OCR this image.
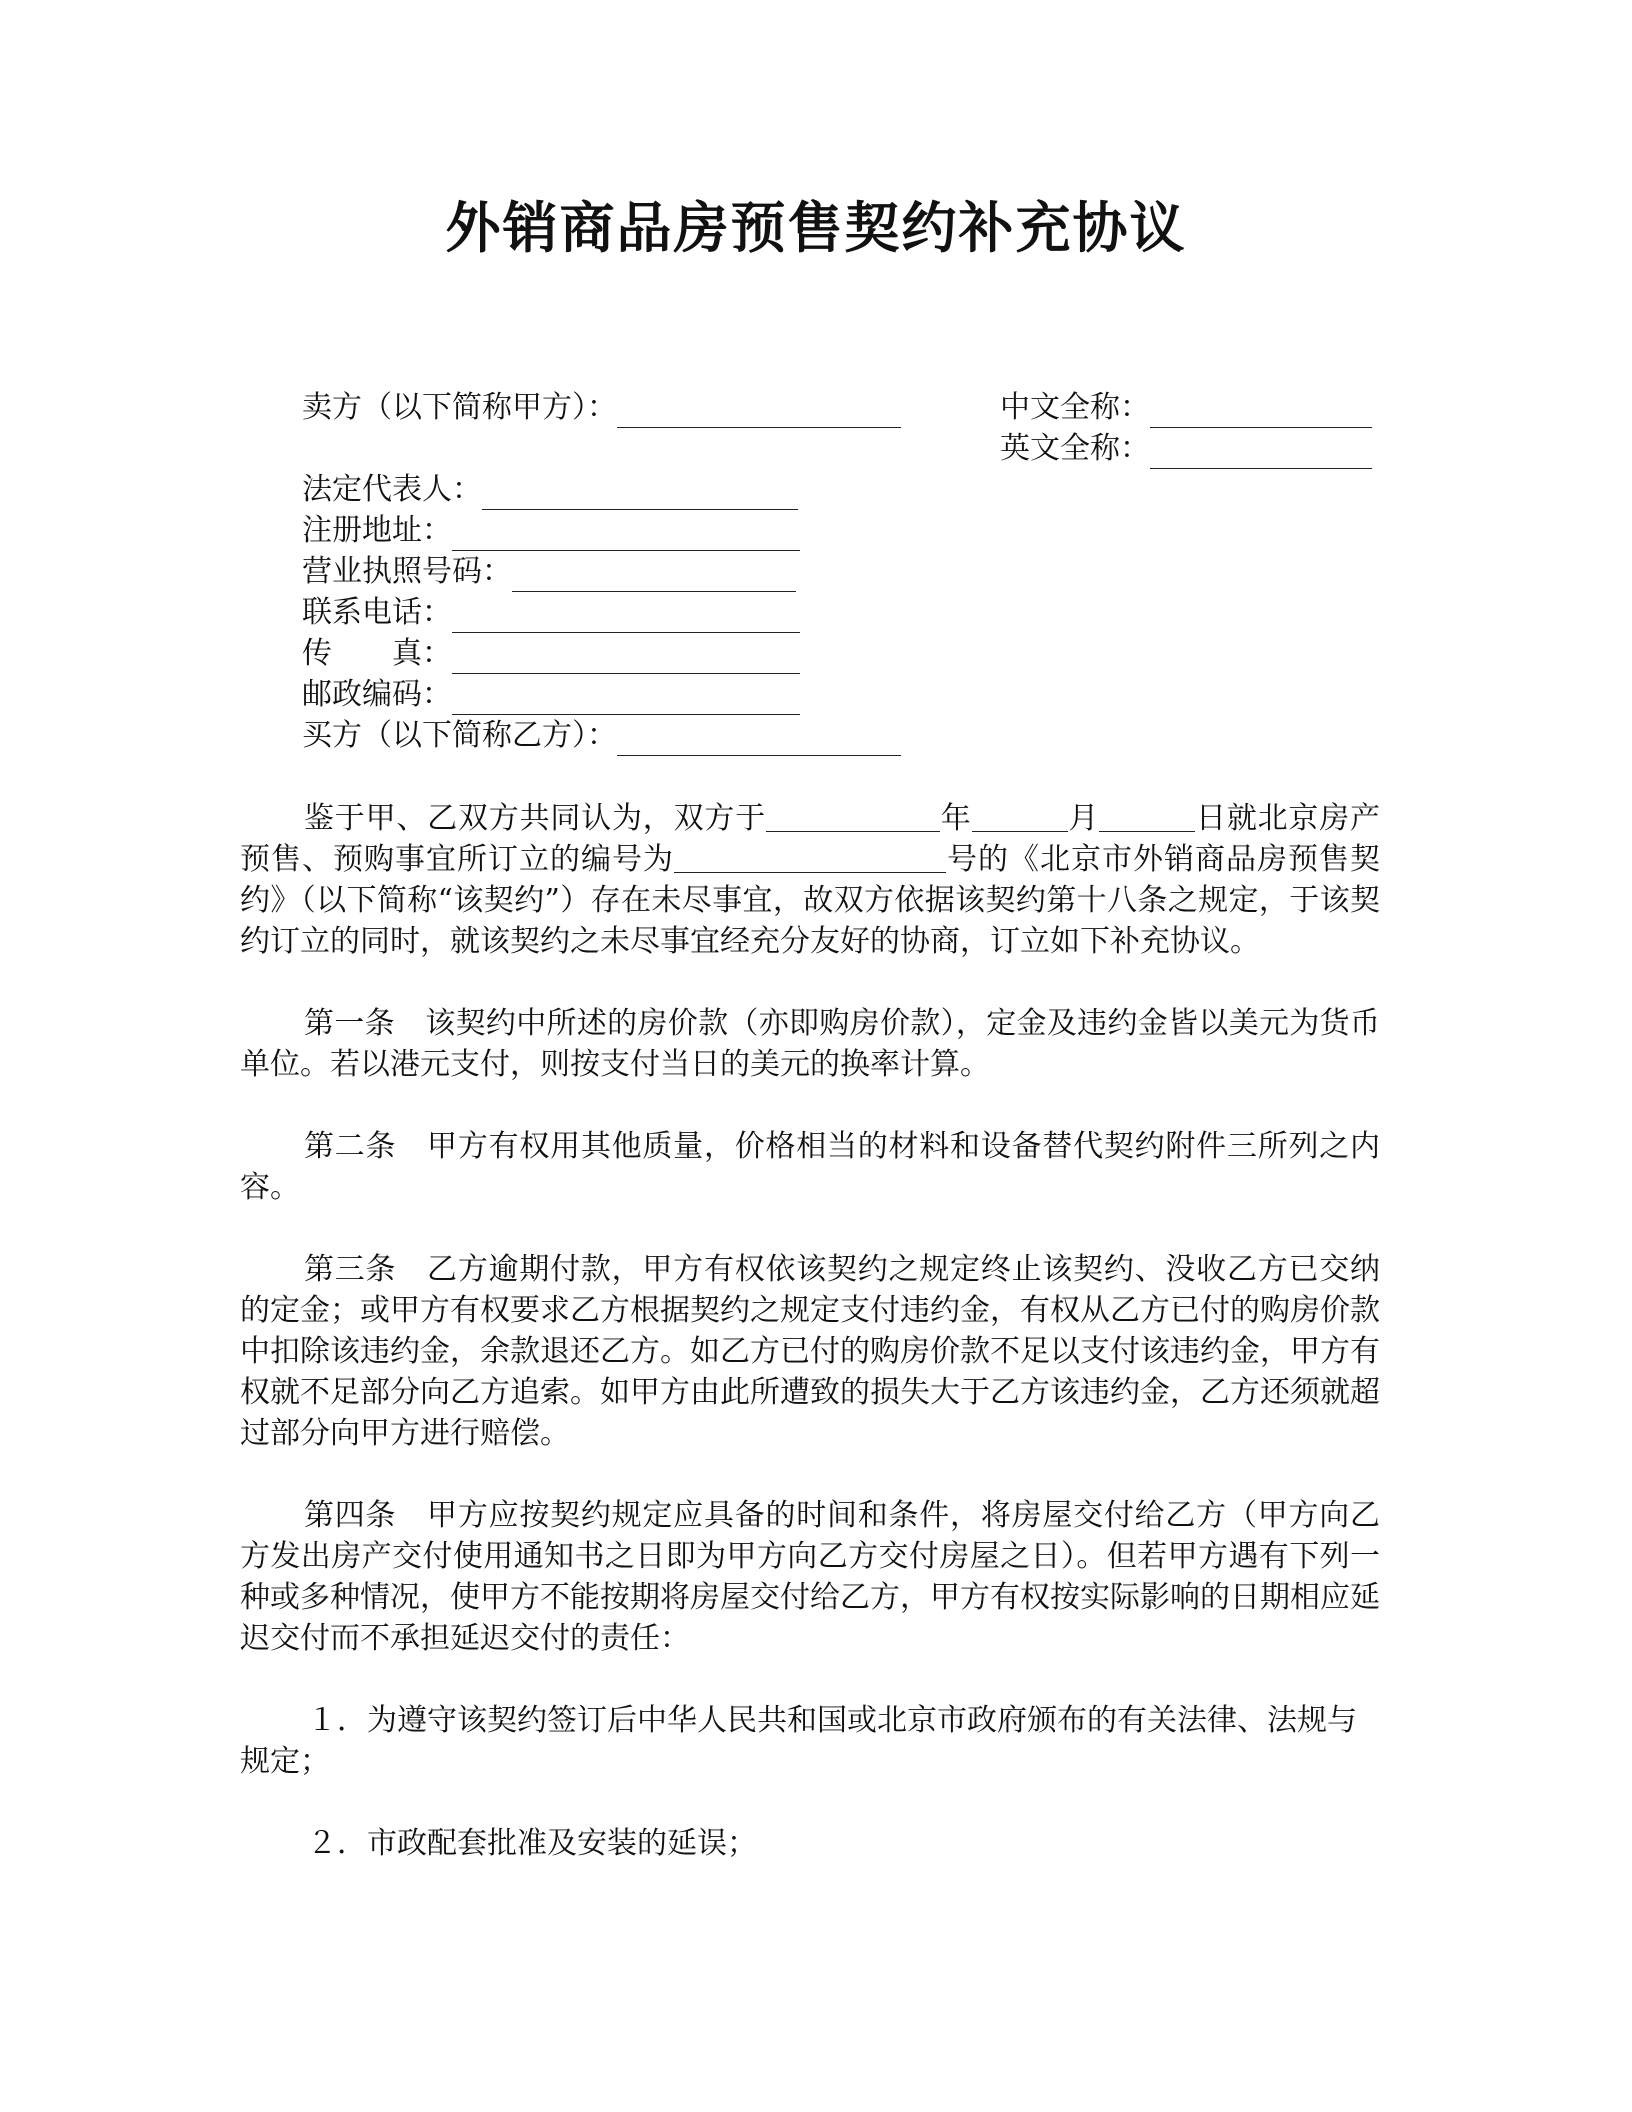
外销商品房预售契约补充协议
卖方（以下简称甲方）：	中文全称：
英文全称：
法定代表人：
注册地址：
营业执照号码：
联系电话：
传　　真：
邮政编码：
买方（以下简称乙方）：
鉴于甲、乙双方共同认为，双方于	年	月	日就北京房产预售、预购事宜所订立的编号为	号的《北京市外销商品房预售契约》（以下简称“该契约”）存在未尽事宜，故双方依据该契约第十八条之规定，于该契约订立的同时，就该契约之未尽事宜经充分友好的协商，订立如下补充协议。
第一条　该契约中所述的房价款（亦即购房价款），定金及违约金皆以美元为货币单位。若以港元支付，则按支付当日的美元的换率计算。
第二条　甲方有权用其他质量，价格相当的材料和设备替代契约附件三所列之内容。
第三条　乙方逾期付款，甲方有权依该契约之规定终止该契约、没收乙方已交纳的定金；或甲方有权要求乙方根据契约之规定支付违约金，有权从乙方已付的购房价款中扣除该违约金，余款退还乙方。如乙方已付的购房价款不足以支付该违约金，甲方有权就不足部分向乙方追索。如甲方由此所遭致的损失大于乙方该违约金，乙方还须就超过部分向甲方进行赔偿。
第四条　甲方应按契约规定应具备的时间和条件，将房屋交付给乙方（甲方向乙方发出房产交付使用通知书之日即为甲方向乙方交付房屋之日）。但若甲方遇有下列一种或多种情况，使甲方不能按期将房屋交付给乙方，甲方有权按实际影响的日期相应延迟交付而不承担延迟交付的责任：
１．为遵守该契约签订后中华人民共和国或北京市政府颁布的有关法律、法规与规定；
２．市政配套批准及安装的延误；
